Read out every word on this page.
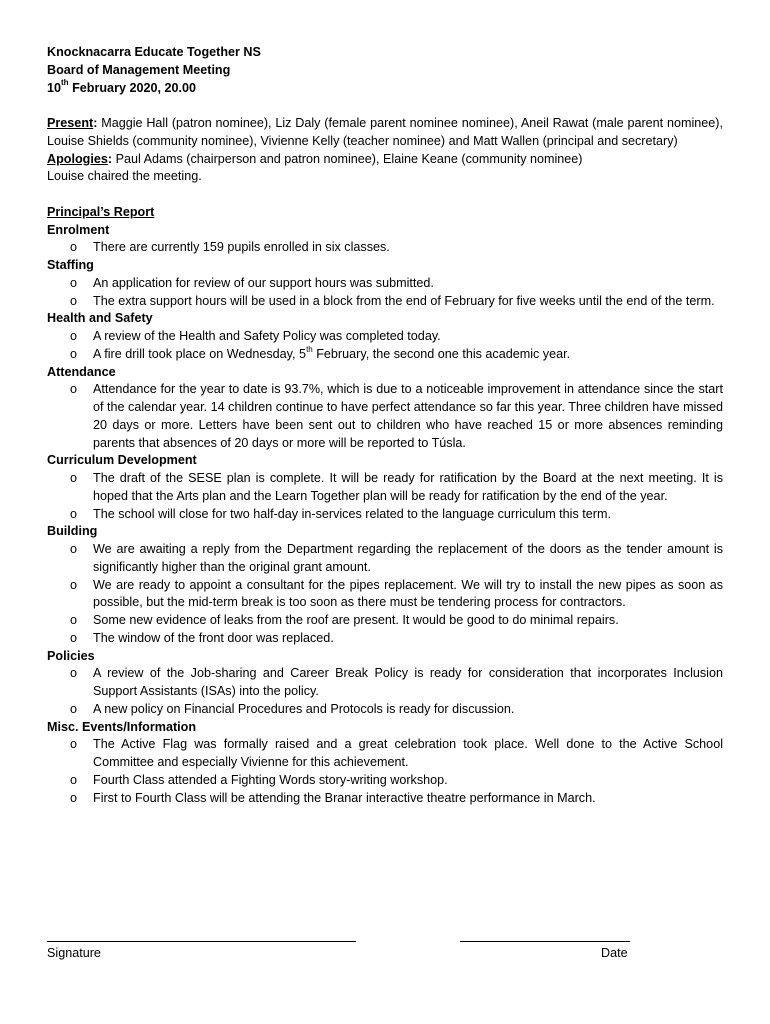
Knocknacarra Educate Together NS
Board of Management Meeting
10th February 2020, 20.00
Present: Maggie Hall (patron nominee), Liz Daly (female parent nominee nominee), Aneil Rawat (male parent nominee), Louise Shields (community nominee), Vivienne Kelly (teacher nominee) and Matt Wallen (principal and secretary)
Apologies: Paul Adams (chairperson and patron nominee), Elaine Keane (community nominee)
Louise chaired the meeting.
Principal’s Report
Enrolment
o There are currently 159 pupils enrolled in six classes.
Staffing
o An application for review of our support hours was submitted.
o The extra support hours will be used in a block from the end of February for five weeks until the end of the term.
Health and Safety
o A review of the Health and Safety Policy was completed today.
o A fire drill took place on Wednesday, 5th February, the second one this academic year.
Attendance
o Attendance for the year to date is 93.7%, which is due to a noticeable improvement in attendance since the start of the calendar year. 14 children continue to have perfect attendance so far this year. Three children have missed 20 days or more. Letters have been sent out to children who have reached 15 or more absences reminding parents that absences of 20 days or more will be reported to Túsla.
Curriculum Development
o The draft of the SESE plan is complete. It will be ready for ratification by the Board at the next meeting. It is hoped that the Arts plan and the Learn Together plan will be ready for ratification by the end of the year.
o The school will close for two half-day in-services related to the language curriculum this term.
Building
o We are awaiting a reply from the Department regarding the replacement of the doors as the tender amount is significantly higher than the original grant amount.
o We are ready to appoint a consultant for the pipes replacement. We will try to install the new pipes as soon as possible, but the mid-term break is too soon as there must be tendering process for contractors.
o Some new evidence of leaks from the roof are present. It would be good to do minimal repairs.
o The window of the front door was replaced.
Policies
o A review of the Job-sharing and Career Break Policy is ready for consideration that incorporates Inclusion Support Assistants (ISAs) into the policy.
o A new policy on Financial Procedures and Protocols is ready for discussion.
Misc. Events/Information
o The Active Flag was formally raised and a great celebration took place. Well done to the Active School Committee and especially Vivienne for this achievement.
o Fourth Class attended a Fighting Words story-writing workshop.
o First to Fourth Class will be attending the Branar interactive theatre performance in March.
Signature	Date
